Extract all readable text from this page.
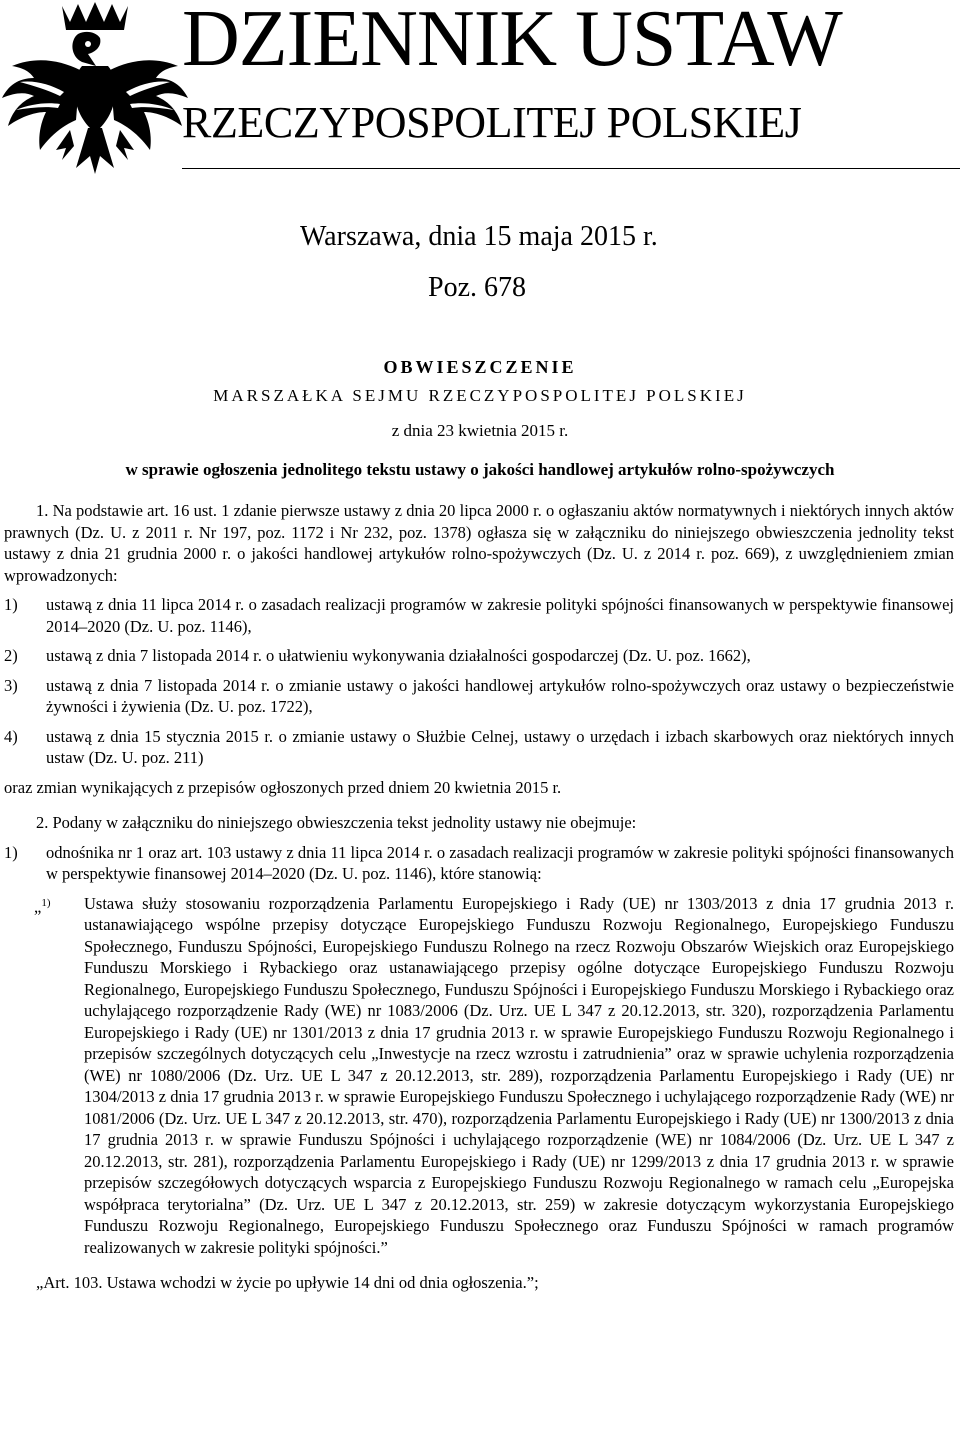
DZIENNIK USTAW
RZECZYPOSPOLITEJ POLSKIEJ
Warszawa, dnia 15 maja 2015 r.
Poz. 678
OBWIESZCZENIE
MARSZAŁKA SEJMU RZECZYPOSPOLITEJ POLSKIEJ
z dnia 23 kwietnia 2015 r.
w sprawie ogłoszenia jednolitego tekstu ustawy o jakości handlowej artykułów rolno-spożywczych

1. Na podstawie art. 16 ust. 1 zdanie pierwsze ustawy z dnia 20 lipca 2000 r. o ogłaszaniu aktów normatywnych i niektórych innych aktów prawnych (Dz. U. z 2011 r. Nr 197, poz. 1172 i Nr 232, poz. 1378) ogłasza się w załączniku do niniejszego obwieszczenia jednolity tekst ustawy z dnia 21 grudnia 2000 r. o jakości handlowej artykułów rolno-spożywczych (Dz. U. z 2014 r. poz. 669), z uwzględnieniem zmian wprowadzonych:

1) ustawą z dnia 11 lipca 2014 r. o zasadach realizacji programów w zakresie polityki spójności finansowanych w perspektywie finansowej 2014–2020 (Dz. U. poz. 1146),
2) ustawą z dnia 7 listopada 2014 r. o ułatwieniu wykonywania działalności gospodarczej (Dz. U. poz. 1662),
3) ustawą z dnia 7 listopada 2014 r. o zmianie ustawy o jakości handlowej artykułów rolno-spożywczych oraz ustawy o bezpieczeństwie żywności i żywienia (Dz. U. poz. 1722),
4) ustawą z dnia 15 stycznia 2015 r. o zmianie ustawy o Służbie Celnej, ustawy o urzędach i izbach skarbowych oraz niektórych innych ustaw (Dz. U. poz. 211)

oraz zmian wynikających z przepisów ogłoszonych przed dniem 20 kwietnia 2015 r.

2. Podany w załączniku do niniejszego obwieszczenia tekst jednolity ustawy nie obejmuje:

1) odnośnika nr 1 oraz art. 103 ustawy z dnia 11 lipca 2014 r. o zasadach realizacji programów w zakresie polityki spójności finansowanych w perspektywie finansowej 2014–2020 (Dz. U. poz. 1146), które stanowią:
„$^{1)}$ Ustawa służy stosowaniu rozporządzenia Parlamentu Europejskiego i Rady (UE) nr 1303/2013 z dnia 17 grudnia 2013 r. ustanawiającego wspólne przepisy dotyczące Europejskiego Funduszu Rozwoju Regionalnego, Europejskiego Funduszu Społecznego, Funduszu Spójności, Europejskiego Funduszu Rolnego na rzecz Rozwoju Obszarów Wiejskich oraz Europejskiego Funduszu Morskiego i Rybackiego oraz ustanawiającego przepisy ogólne dotyczące Europejskiego Funduszu Rozwoju Regionalnego, Europejskiego Funduszu Społecznego, Funduszu Spójności i Europejskiego Funduszu Morskiego i Rybackiego oraz uchylającego rozporządzenie Rady (WE) nr 1083/2006 (Dz. Urz. UE L 347 z 20.12.2013, str. 320), rozporządzenia Parlamentu Europejskiego i Rady (UE) nr 1301/2013 z dnia 17 grudnia 2013 r. w sprawie Europejskiego Funduszu Rozwoju Regionalnego i przepisów szczególnych dotyczących celu „Inwestycje na rzecz wzrostu i zatrudnienia” oraz w sprawie uchylenia rozporządzenia (WE) nr 1080/2006 (Dz. Urz. UE L 347 z 20.12.2013, str. 289), rozporządzenia Parlamentu Europejskiego i Rady (UE) nr 1304/2013 z dnia 17 grudnia 2013 r. w sprawie Europejskiego Funduszu Społecznego i uchylającego rozporządzenie Rady (WE) nr 1081/2006 (Dz. Urz. UE L 347 z 20.12.2013, str. 470), rozporządzenia Parlamentu Europejskiego i Rady (UE) nr 1300/2013 z dnia 17 grudnia 2013 r. w sprawie Funduszu Spójności i uchylającego rozporządzenie (WE) nr 1084/2006 (Dz. Urz. UE L 347 z 20.12.2013, str. 281), rozporządzenia Parlamentu Europejskiego i Rady (UE) nr 1299/2013 z dnia 17 grudnia 2013 r. w sprawie przepisów szczegółowych dotyczących wsparcia z Europejskiego Funduszu Rozwoju Regionalnego w ramach celu „Europejska współpraca terytorialna” (Dz. Urz. UE L 347 z 20.12.2013, str. 259) w zakresie dotyczącym wykorzystania Europejskiego Funduszu Rozwoju Regionalnego, Europejskiego Funduszu Społecznego oraz Funduszu Spójności w ramach programów realizowanych w zakresie polityki spójności.”

„Art. 103. Ustawa wchodzi w życie po upływie 14 dni od dnia ogłoszenia.”;
